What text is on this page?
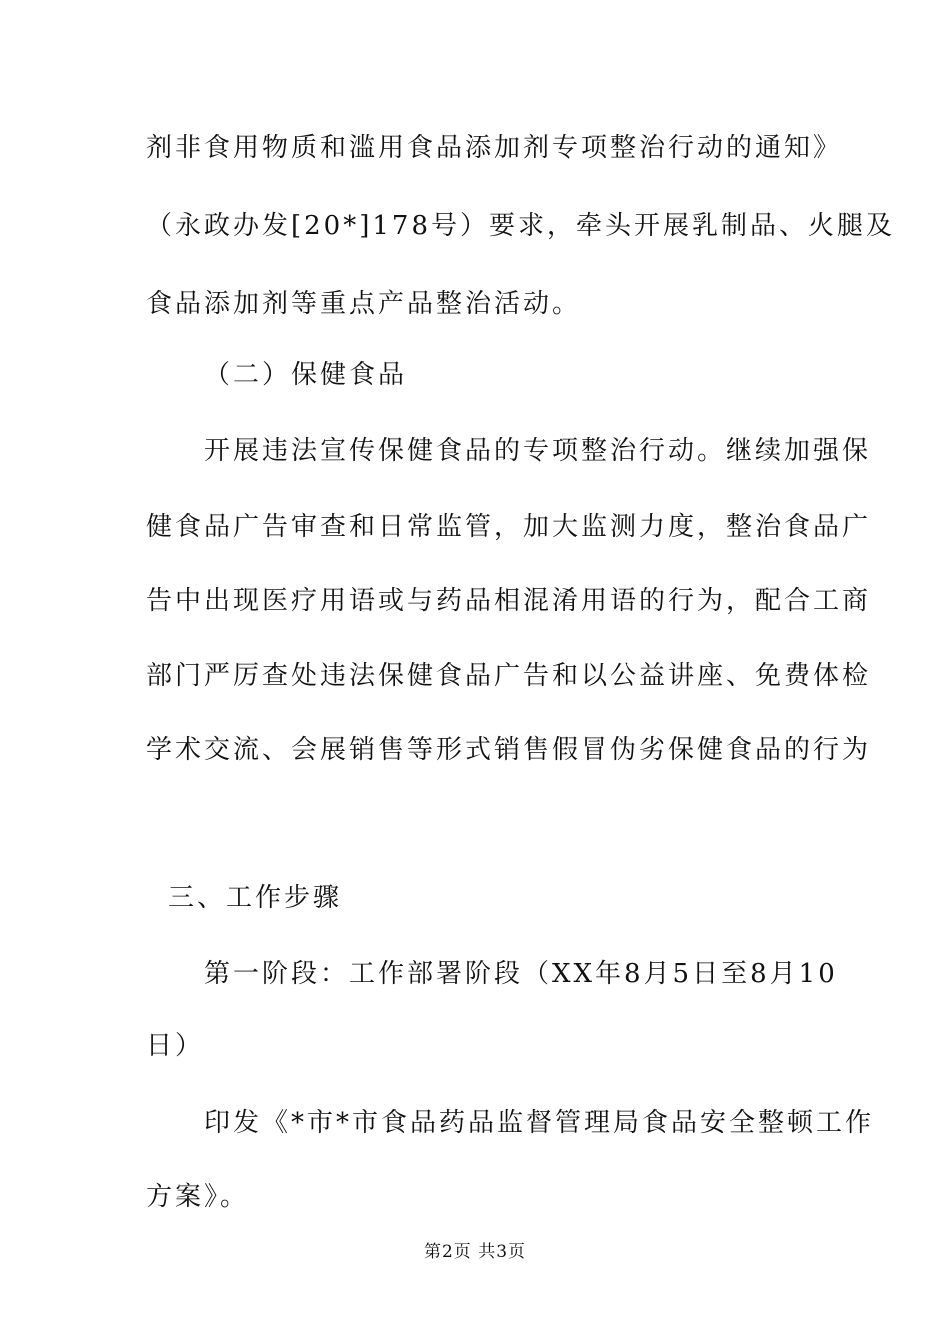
剂非食用物质和滥用食品添加剂专项整治行动的通知》
（永政办发[20*]178号）要求，牵头开展乳制品、火腿及
食品添加剂等重点产品整治活动。
（二）保健食品
开展违法宣传保健食品的专项整治行动。继续加强保
健食品广告审查和日常监管，加大监测力度，整治食品广
告中出现医疗用语或与药品相混淆用语的行为，配合工商
部门严厉查处违法保健食品广告和以公益讲座、免费体检
学术交流、会展销售等形式销售假冒伪劣保健食品的行为
三、工作步骤
第一阶段：工作部署阶段（XX年8月5日至8月10
日）
印发《*市*市食品药品监督管理局食品安全整顿工作
方案》。
第2页 共3页
